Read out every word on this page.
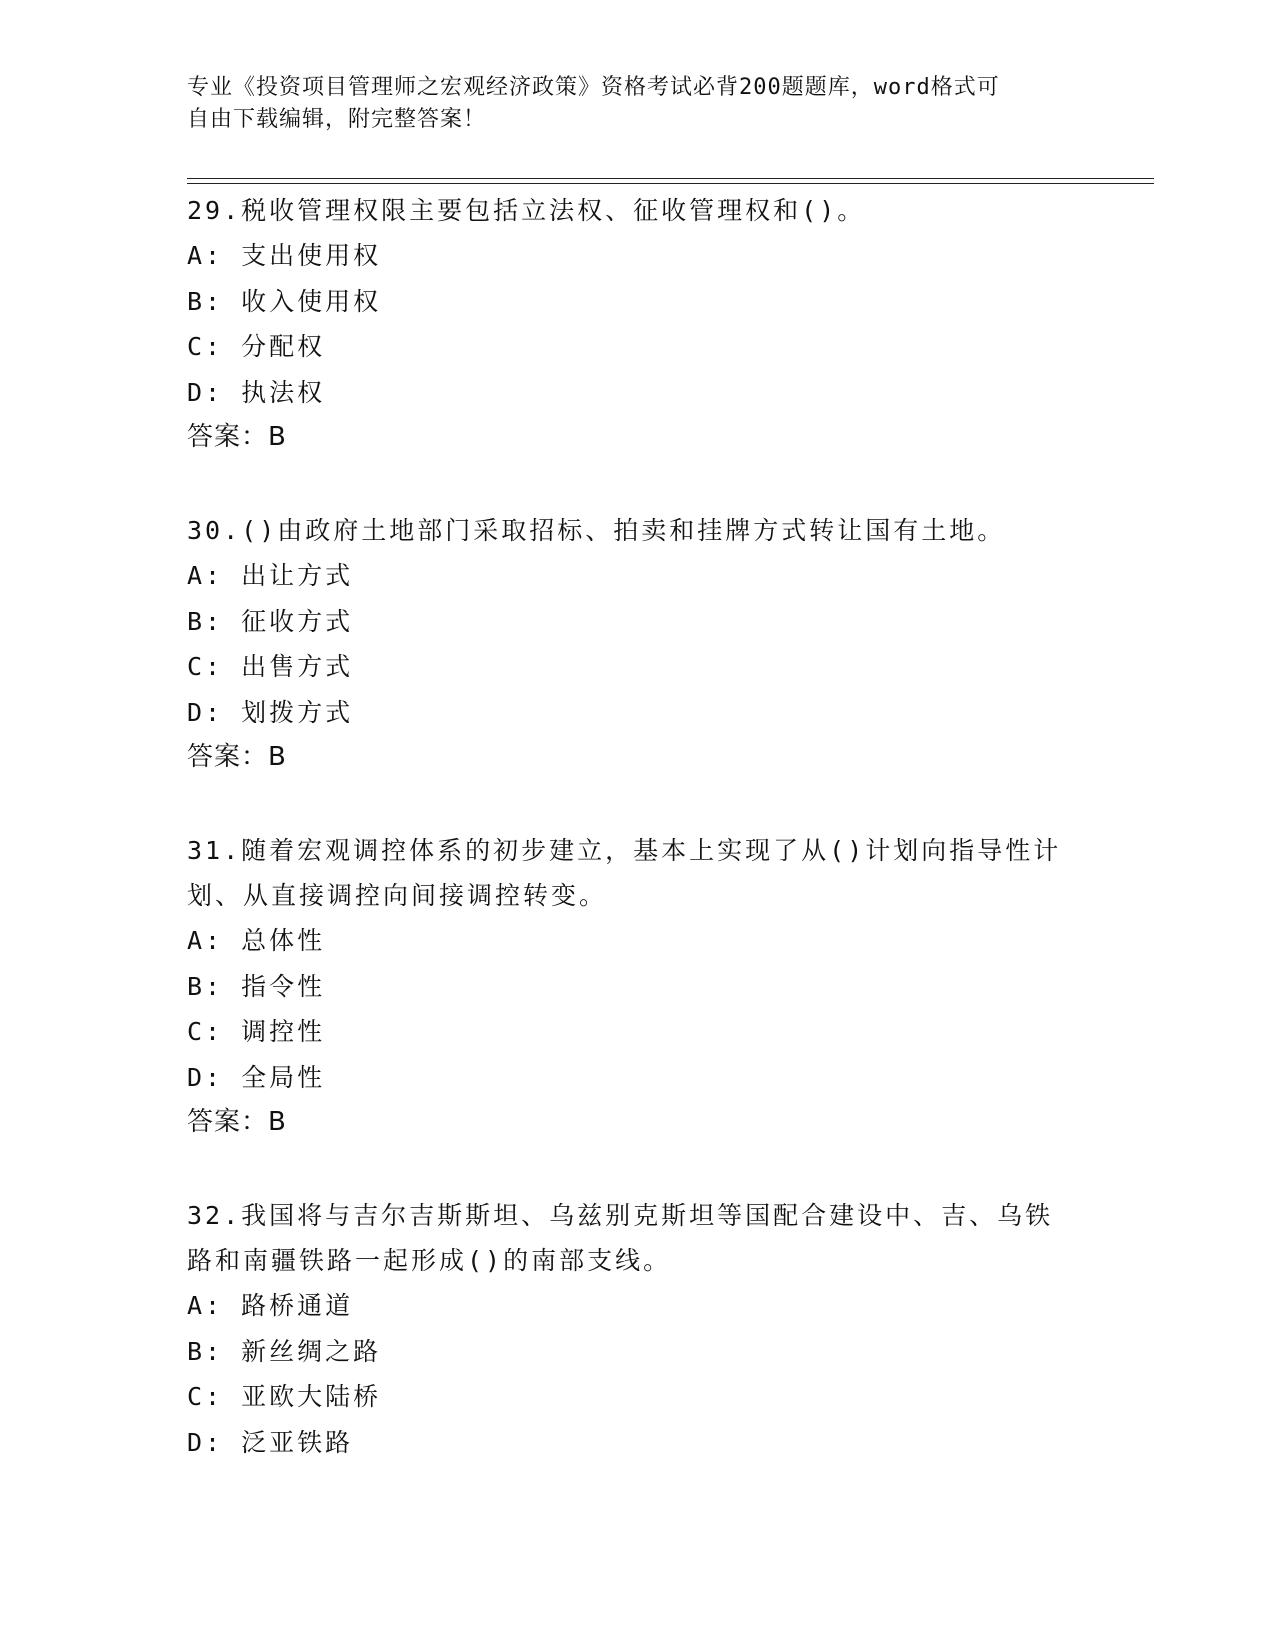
专业《投资项目管理师之宏观经济政策》资格考试必背200题题库，word格式可
自由下载编辑，附完整答案！

29.税收管理权限主要包括立法权、征收管理权和()。

A: 支出使用权

B: 收入使用权

C: 分配权

D: 执法权

答案：B

30.()由政府土地部门采取招标、拍卖和挂牌方式转让国有土地。

A: 出让方式

B: 征收方式

C: 出售方式

D: 划拨方式

答案：B

31.随着宏观调控体系的初步建立，基本上实现了从()计划向指导性计

划、从直接调控向间接调控转变。

A: 总体性

B: 指令性

C: 调控性

D: 全局性

答案：B

32.我国将与吉尔吉斯斯坦、乌兹别克斯坦等国配合建设中、吉、乌铁

路和南疆铁路一起形成()的南部支线。

A: 路桥通道

B: 新丝绸之路

C: 亚欧大陆桥

D: 泛亚铁路
